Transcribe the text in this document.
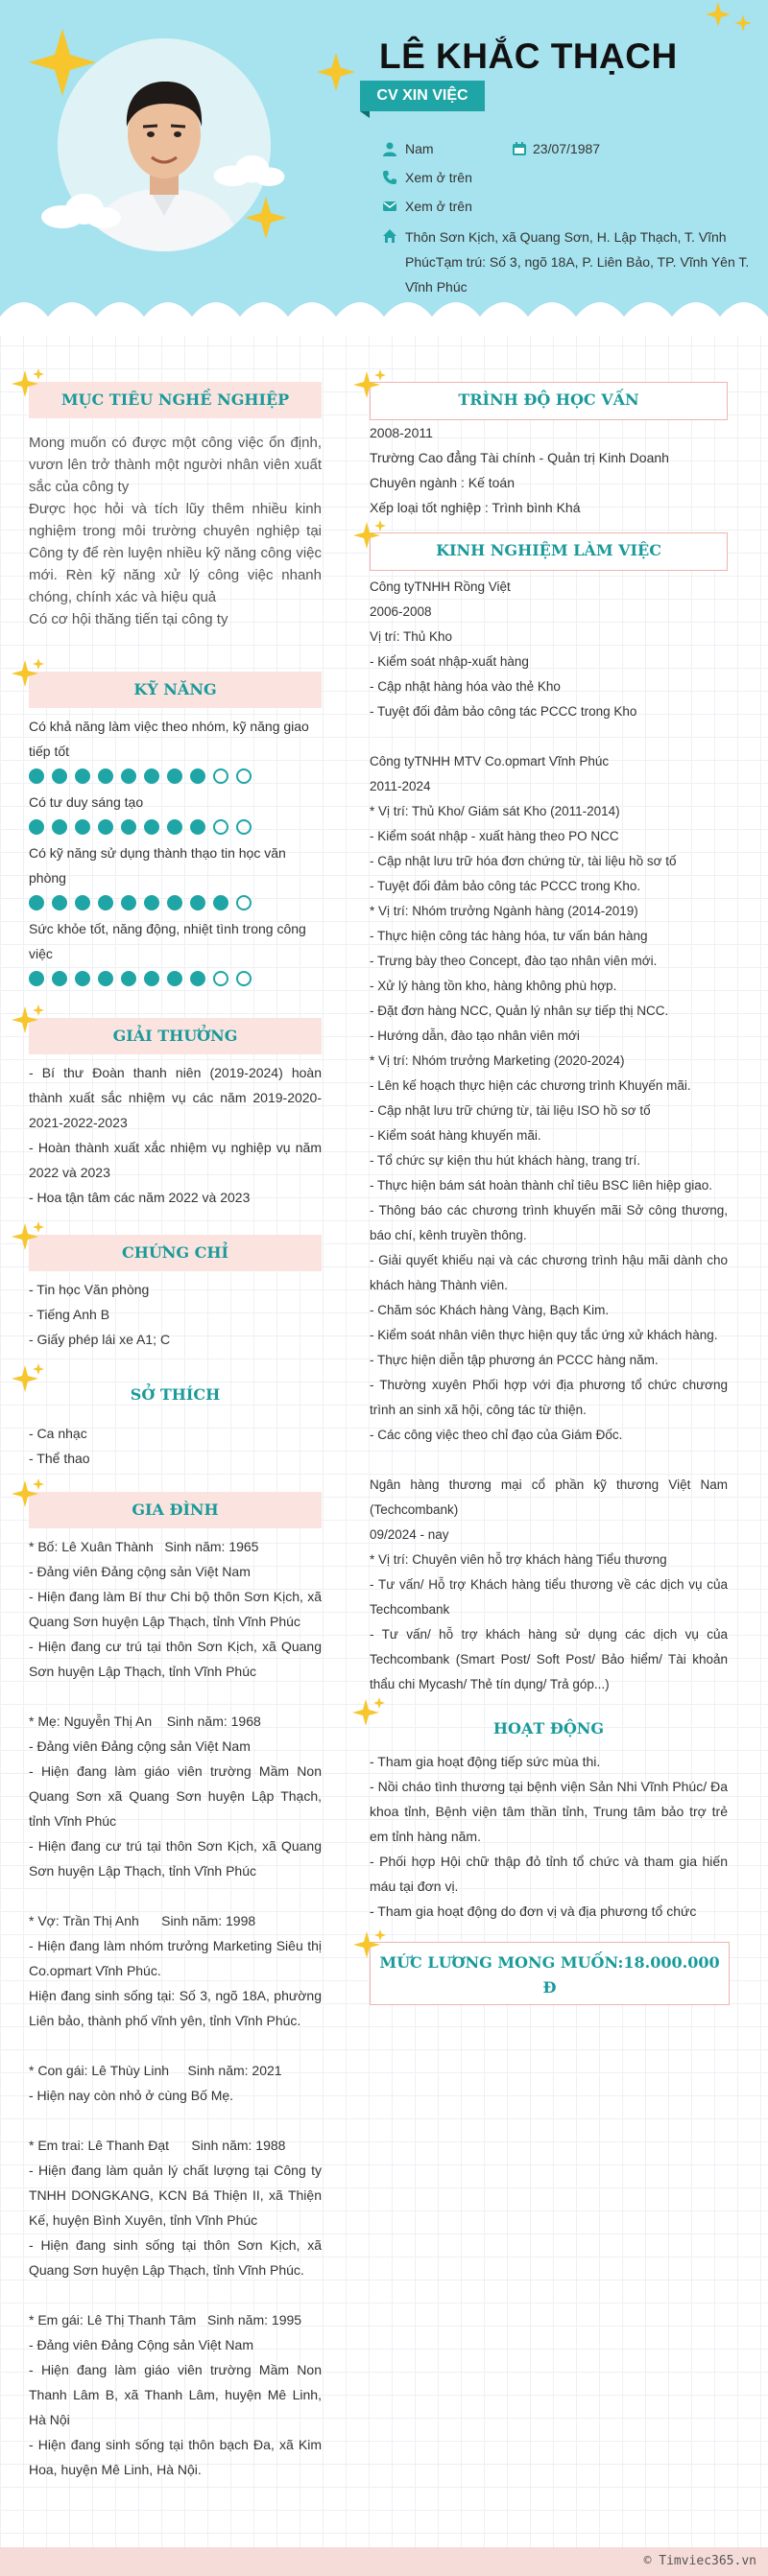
LÊ KHẮC THẠCH
CV XIN VIỆC
Nam	23/07/1987
Xem ở trên
Xem ở trên
Thôn Sơn Kịch, xã Quang Sơn, H. Lập Thạch, T. Vĩnh PhúcTạm trú: Số 3, ngõ 18A, P. Liên Bảo, TP. Vĩnh Yên T. Vĩnh Phúc
MỤC TIÊU NGHỀ NGHIỆP

Mong muốn có được một công việc ổn định, vươn lên trở thành một người nhân viên xuất sắc của công ty

Được học hỏi và tích lũy thêm nhiều kinh nghiệm trong môi trường chuyên nghiệp tại Công ty để rèn luyện nhiều kỹ năng công việc mới. Rèn kỹ năng xử lý công việc nhanh chóng, chính xác và hiệu quả

Có cơ hội thăng tiến tại công ty

KỸ NĂNG
Có khả năng làm việc theo nhóm, kỹ năng giao tiếp tốt
Có tư duy sáng tạo
Có kỹ năng sử dụng thành thạo tin học văn phòng
Sức khỏe tốt, năng động, nhiệt tình trong công việc
GIẢI THƯỞNG

- Bí thư Đoàn thanh niên (2019-2024) hoàn thành xuất sắc nhiệm vụ các năm 2019-2020-2021-2022-2023

- Hoàn thành xuất xắc nhiệm vụ nghiệp vụ năm 2022 và 2023

- Hoa tận tâm các năm 2022 và 2023

CHỨNG CHỈ

- Tin học Văn phòng

- Tiếng Anh B

- Giấy phép lái xe A1; C

SỞ THÍCH

- Ca nhạc

- Thể thao

GIA ĐÌNH

* Bố: Lê Xuân Thành   Sinh năm: 1965

- Đảng viên Đảng cộng sản Việt Nam

- Hiện đang làm Bí thư Chi bộ thôn Sơn Kịch, xã Quang Sơn huyện Lập Thạch, tỉnh Vĩnh Phúc

- Hiện đang cư trú tại thôn Sơn Kịch, xã Quang Sơn huyện Lập Thạch, tỉnh Vĩnh Phúc

* Mẹ: Nguyễn Thị An    Sinh năm: 1968

- Đảng viên Đảng cộng sản Việt Nam

- Hiện đang làm giáo viên trường Mầm Non Quang Sơn xã Quang Sơn huyện Lập Thạch, tỉnh Vĩnh Phúc

- Hiện đang cư trú tại thôn Sơn Kịch, xã Quang Sơn huyện Lập Thạch, tỉnh Vĩnh Phúc

* Vợ: Trần Thị Anh      Sinh năm: 1998

- Hiện đang làm nhóm trưởng Marketing Siêu thị Co.opmart Vĩnh Phúc.

Hiện đang sinh sống tại: Số 3, ngõ 18A, phường Liên bảo, thành phố vĩnh yên, tỉnh Vĩnh Phúc.

* Con gái: Lê Thùy Linh     Sinh năm: 2021

- Hiện nay còn nhỏ ở cùng Bố Mẹ.

* Em trai: Lê Thanh Đạt      Sinh năm: 1988

- Hiện đang làm quản lý chất lượng tại Công ty TNHH DONGKANG, KCN Bá Thiện II, xã Thiện Kế, huyện Bình Xuyên, tỉnh Vĩnh Phúc

- Hiện đang sinh sống tại thôn Sơn Kịch, xã Quang Sơn huyện Lập Thạch, tỉnh Vĩnh Phúc.

* Em gái: Lê Thị Thanh Tâm   Sinh năm: 1995

- Đảng viên Đảng Cộng sản Việt Nam

- Hiện đang làm giáo viên trường Mầm Non Thanh Lâm B, xã Thanh Lâm, huyện Mê Linh, Hà Nội

- Hiện đang sinh sống tại thôn bạch Đa, xã Kim Hoa, huyện Mê Linh, Hà Nội.

TRÌNH ĐỘ HỌC VẤN

2008-2011

Trường Cao đẳng Tài chính - Quản trị Kinh Doanh

Chuyên ngành : Kế toán

Xếp loại tốt nghiệp : Trình bình Khá

KINH NGHIỆM LÀM VIỆC

Công tyTNHH Rồng Việt

2006-2008

Vị trí: Thủ Kho

- Kiểm soát nhập-xuất hàng

- Cập nhật hàng hóa vào thẻ Kho

- Tuyệt đối đảm bảo công tác PCCC trong Kho

Công tyTNHH MTV Co.opmart Vĩnh Phúc

2011-2024

* Vị trí: Thủ Kho/ Giám sát Kho (2011-2014)

- Kiểm soát nhập - xuất hàng theo PO NCC

- Cập nhật lưu trữ hóa đơn chứng từ, tài liệu hồ sơ tố

- Tuyệt đối đảm bảo công tác PCCC trong Kho.

* Vị trí: Nhóm trưởng Ngành hàng (2014-2019)

- Thực hiện công tác hàng hóa, tư vấn bán hàng

- Trưng bày theo Concept, đào tạo nhân viên mới.

- Xử lý hàng tồn kho, hàng không phù hợp.

- Đặt đơn hàng NCC, Quản lý nhân sự tiếp thị NCC.

- Hướng dẫn, đào tạo nhân viên mới

* Vị trí: Nhóm trưởng Marketing (2020-2024)

- Lên kế hoạch thực hiện các chương trình Khuyến mãi.

- Cập nhật lưu trữ chứng từ, tài liệu ISO hồ sơ tố

- Kiểm soát hàng khuyến mãi.

- Tổ chức sự kiện thu hút khách hàng, trang trí.

- Thực hiện bám sát hoàn thành chỉ tiêu BSC liên hiệp giao.

- Thông báo các chương trình khuyến mãi Sở công thương, báo chí, kênh truyền thông.

- Giải quyết khiếu nại và các chương trình hậu mãi dành cho khách hàng Thành viên.

- Chăm sóc Khách hàng Vàng, Bạch Kim.

- Kiểm soát nhân viên thực hiện quy tắc ứng xử khách hàng.

- Thực hiện diễn tập phương án PCCC hàng năm.

- Thường xuyên Phối hợp với địa phương tổ chức chương trình an sinh xã hội, công tác từ thiện.

- Các công việc theo chỉ đạo của Giám Đốc.

Ngân hàng thương mại cổ phần kỹ thương Việt Nam (Techcombank)

09/2024 - nay

* Vị trí: Chuyên viên hỗ trợ khách hàng Tiểu thương

- Tư vấn/ Hỗ trợ Khách hàng tiểu thương về các dịch vụ của Techcombank

- Tư vấn/ hỗ trợ khách hàng sử dụng các dịch vụ của Techcombank (Smart Post/ Soft Post/ Bảo hiểm/ Tài khoản thẩu chi Mycash/ Thẻ tín dụng/ Trả góp...)

HOẠT ĐỘNG

- Tham gia hoạt động tiếp sức mùa thi.

- Nồi cháo tình thương tại bệnh viện Sản Nhi Vĩnh Phúc/ Đa khoa tỉnh, Bệnh viện tâm thần tỉnh, Trung tâm bảo trợ trẻ em tỉnh hàng năm.

- Phối hợp Hội chữ thập đỏ tỉnh tổ chức và tham gia hiến máu tại đơn vị.

- Tham gia hoạt động do đơn vị và địa phương tổ chức

MỨC LƯƠNG MONG MUỐN:18.000.000 Đ
© Timviec365.vn
